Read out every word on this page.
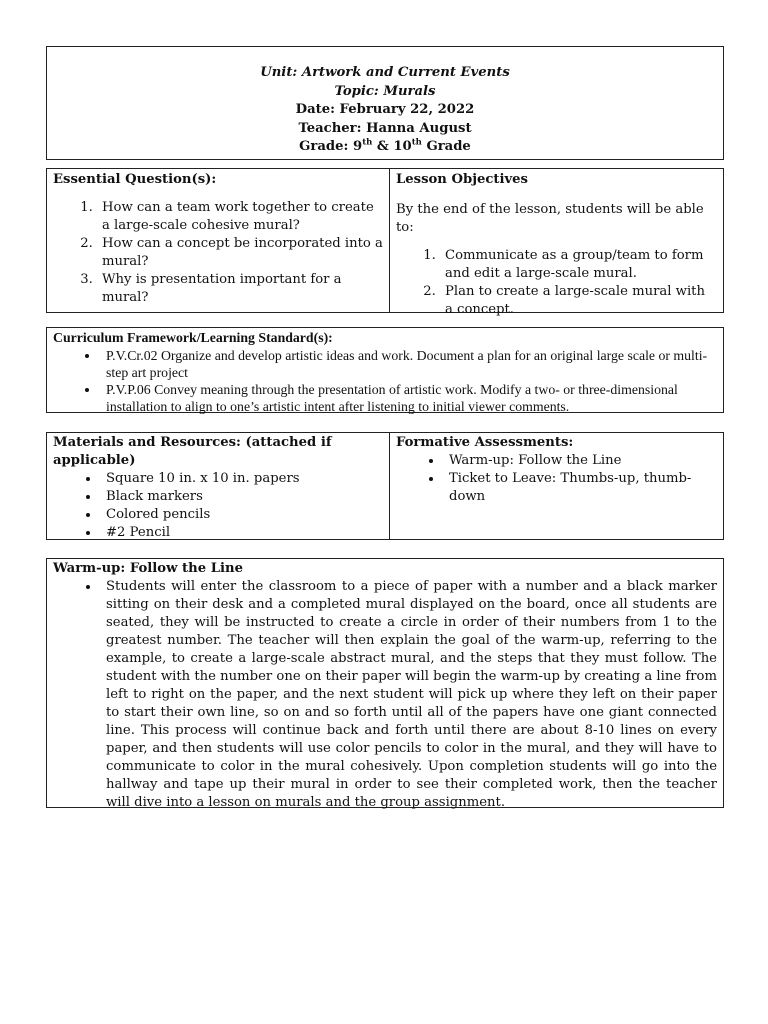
Unit: Artwork and Current Events
Topic: Murals
Date: February 22, 2022
Teacher: Hanna August
Grade: 9th & 10th Grade
Essential Question(s):
1. How can a team work together to create a large-scale cohesive mural?
2. How can a concept be incorporated into a mural?
3. Why is presentation important for a mural?
Lesson Objectives
By the end of the lesson, students will be able to:
1. Communicate as a group/team to form and edit a large-scale mural.
2. Plan to create a large-scale mural with a concept.
Curriculum Framework/Learning Standard(s):
• P.V.Cr.02 Organize and develop artistic ideas and work. Document a plan for an original large scale or multi-step art project
• P.V.P.06 Convey meaning through the presentation of artistic work. Modify a two- or three-dimensional installation to align to one’s artistic intent after listening to initial viewer comments.
Materials and Resources: (attached if applicable)
• Square 10 in. x 10 in. papers
• Black markers
• Colored pencils
• #2 Pencil
Formative Assessments:
• Warm-up: Follow the Line
• Ticket to Leave: Thumbs-up, thumb-down
Warm-up: Follow the Line
• Students will enter the classroom to a piece of paper with a number and a black marker sitting on their desk and a completed mural displayed on the board, once all students are seated, they will be instructed to create a circle in order of their numbers from 1 to the greatest number. The teacher will then explain the goal of the warm-up, referring to the example, to create a large-scale abstract mural, and the steps that they must follow. The student with the number one on their paper will begin the warm-up by creating a line from left to right on the paper, and the next student will pick up where they left on their paper to start their own line, so on and so forth until all of the papers have one giant connected line. This process will continue back and forth until there are about 8-10 lines on every paper, and then students will use color pencils to color in the mural, and they will have to communicate to color in the mural cohesively. Upon completion students will go into the hallway and tape up their mural in order to see their completed work, then the teacher will dive into a lesson on murals and the group assignment.
